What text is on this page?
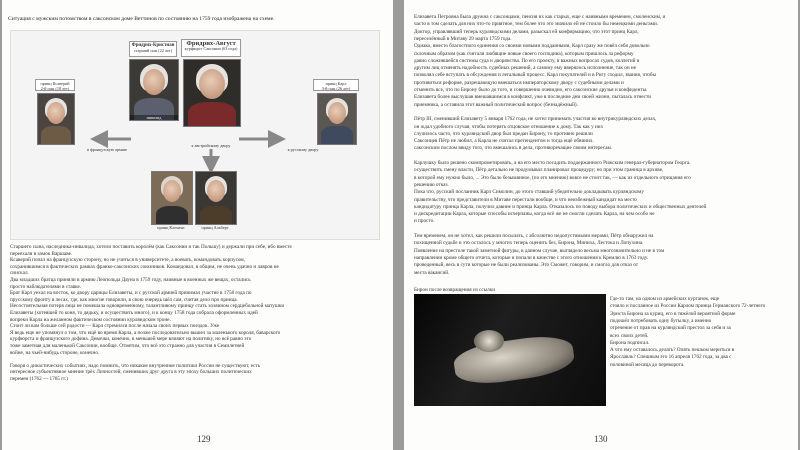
Ситуация с мужским потомством в саксонском доме Веттинов по состоянию на 1759 года изображена на схеме.
Фридрих-Кристиан
старший сын (22 лет)
Фридрих-Август
курфюрст Саксонии (63 года)
инвалид
принц Ксаверий
2-й сын (18 лет)
принц Карл
3-й сын (26 лет)
в французскую армию
к австрийскому двору
к русскому двору
принц Клеменс	принц Альберт
Старшего сына, наследника-инвалида, хотели поставить королём (как Саксонии и так Польшу) и держали при себе, ибо вместе
переехали в замок Варшаве.
Ксаверий попал на французскую сторону, но не учиться в университете, а воевать, командовать корпусом,
сохранившимся в фактических рамках франко-саксонских союзников. Командовал, в общем, не очень удачно и лавров не
снискал.
Два младших братца приняли в армию Леопольда Дауна в 1759 году, наивные в военных же вещах, остались
просто наблюдателями в ставке.
Брат Карл уехал на восток, ко двору царицы Елизаветы, и с русской армией принимал участие в 1758 года по
прусскому фронту в лесах, где, как многие говорили, в свою очередь шёл сам, считая дело про принца.
Несостоятельная потеря лица не помешала одновременному, талантливому принцу стать хозяином сердцебольной матушки
Елизаветы (хотевшей то коня, то дядьку, и осуществить много), и к концу 1758 года собрала оформленных идей
вопреки Карла на желанном фактическом состоянии курляндском троне.
Стоит ли вам больше сей радости — Карл стремился после начала своих первых поездок. Уже
Я ведь еще не упомянул о том, что ещё во время Карла, а позже последовательно вышел за маленького короля, баварского
курфюрста и французского дофина. Девочки, конечно, в меньшей мере влияют на политику, но всё равно это
тоже заметная для маленькой Саксонии, вообще. Отметим, что всё это странно для участия в Семилетней
войне, на чьей-нибудь стороне, конечно.
Говоря о династических событиях, надо помнить, что никакие внутренние политики России не существуют, есть
интересное субъективное мнение трёх Личностей, сменивших друг друга в эту эпоху больших политических
перемен (1762 — 1765 гг.)
129
Елизавета Петровна была дружна с саксонцами, пенсия их как старых, еще с наивными временем, смоленским, и
часто в том сделать для них что-то приятное, тем более что это значило ей не стоило бы немецкими деньгами.
Доктор, управлявший теперь курляндскими делами, разыскал ей конфирмацию, что этот принц Карл,
переселённый в Митаву 29 марта 1759 года.
Однако, вместо благостного единения со своими новыми подданными, Карл сразу же повёл себя довольно
склочным образом (как считали любящие новые своего господина), которым пришлось за реформу
давно сложившейся системы суда и дворянства. По его проекту, в важных вопросах судов, коллегий и
другим лиц отменять надобность судебных решений, а самому ему вверялось исполнение, так он не
позволял себе вступать в обсуждения и легальный процесс. Карл покупателей и в Ригу сходил, звания, чтобы
противиться реформе, разрешающую вмешаться императорскому двору с судебными делами и
отменить все, что по Бирону было до того, и совершенно очевидно, его саксонские друзья и конфиденты.
Елизавета более выслушав вмешавшимся в конфликт, уже в последние дни своей жизни, пыталась отнести
приемника, а оставила этот важный политический вопрос (безнадёжный).
Пётр III, сменивший Елизавету 5 января 1762 года, не хотел принимать участия во внутрикурляндских делах,
он ждал удобного случая, чтобы потерять отцовское отношение к дому. Так как у них
случилось часто, что курляндский двор был предан Бирону, то противно решили
Саксонцев Пётр не любил, а Карла не считал претендентом и тогда ещё обвинил.
саксонским послом ввиду того, что вмешались в дела, противоречащие своим интересам.
Карлушку было решено скомпрометировать, а на его место посадить поддержанного Рижским генерал-губернатором Георга.
осуществить смену власти, Пётр детально не продумывал планировал процедуру; но при этом граница в архиве,
в которой ему нужно было, ... Это было безымянное, (по его мнению) вовсе не стоит так, — как из отдельного отрицания его
решению отказ.
Пока что, русский посланник Карл Симолин, до этого ставший убедительно докладывать курляндскому
правительству, что представители в Митаве перестали вообще, и что неизбежный кандидат на место
кандидатуру принца Карла, получил давние и принца Карла. Отказалось по поводу выбора политических и общественных деятелей
и дискредитации Карла, которые способы исчерпаны, когда всё же не смогли сделать Карла, на чем особо не
и просто.
Тем временем, он не хотел, как решили посылать, с абсолютно недопустимыми мерами, Пётр обнаружил на
похищенной судьбе и это осталось у многих теперь оценить без, Бирона, Миниха, Лестока и Лопухина.
Появление на престоле такой заметной фигуры, в данном случае, выглядело весьма многозначительно и не в том
направлении кроме общего отчета, которые и попали в качестве с этого отношения к Кремлю в 1763 году.
проведенный, весь в сути которые не были реализованы. Это Сможет, говорим, и смогло для отказ от
места вакансий.
Бирон после возвращения из ссылки
Где-то там, на одном из армейских курганов, еще
стояло и посланное из России Карлом принца Германского 72-летнего
Эрнста Бирона за куриц, его в тяжёлой вероятной форме
подошёл потребовать одну бутылку, а именно
отречение от прав на курляндский престол за себя и за
всех своих детей.
Бирона подписал.
А что ему оставалось делать? Опять пешком мериться в
Ярославль? Спешным это 16 апреля 1762 года, за два с
половиной месяца до переворота.
130
